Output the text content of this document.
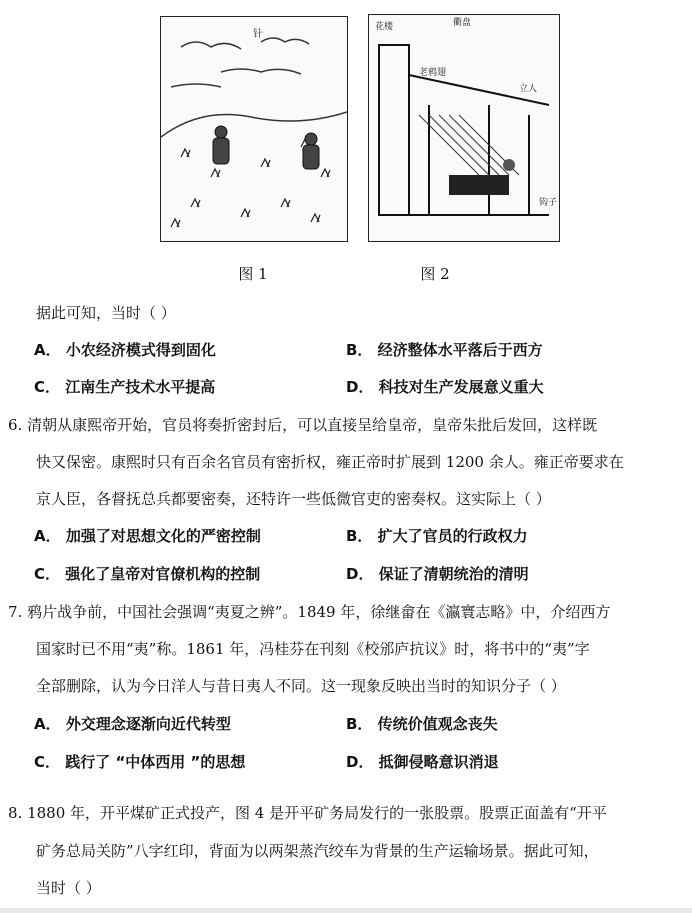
针
花楼	衢盘
老鸦翅
立人
钩子
图 1	图 2
据此可知，当时（ ）
A． 小农经济模式得到固化	B． 经济整体水平落后于西方
C． 江南生产技术水平提高	D． 科技对生产发展意义重大
6. 清朝从康熙帝开始，官员将奏折密封后，可以直接呈给皇帝，皇帝朱批后发回，这样既
快又保密。康熙时只有百余名官员有密折权，雍正帝时扩展到 1200 余人。雍正帝要求在
京人臣，各督抚总兵都要密奏，还特许一些低微官吏的密奏权。这实际上（ ）
A． 加强了对思想文化的严密控制	B． 扩大了官员的行政权力
C． 强化了皇帝对官僚机构的控制	D． 保证了清朝统治的清明
7. 鸦片战争前，中国社会强调“夷夏之辨”。1849 年，徐继畲在《瀛寰志略》中，介绍西方
国家时已不用“夷”称。1861 年，冯桂芬在刊刻《校邠庐抗议》时，将书中的“夷”字
全部删除，认为今日洋人与昔日夷人不同。这一现象反映出当时的知识分子（ ）
A． 外交理念逐渐向近代转型	B． 传统价值观念丧失
C． 践行了 “中体西用 ”的思想	D． 抵御侵略意识消退
8. 1880 年，开平煤矿正式投产，图 4 是开平矿务局发行的一张股票。股票正面盖有“开平
矿务总局关防”八字红印，背面为以两架蒸汽绞车为背景的生产运输场景。据此可知，
当时（ ）
